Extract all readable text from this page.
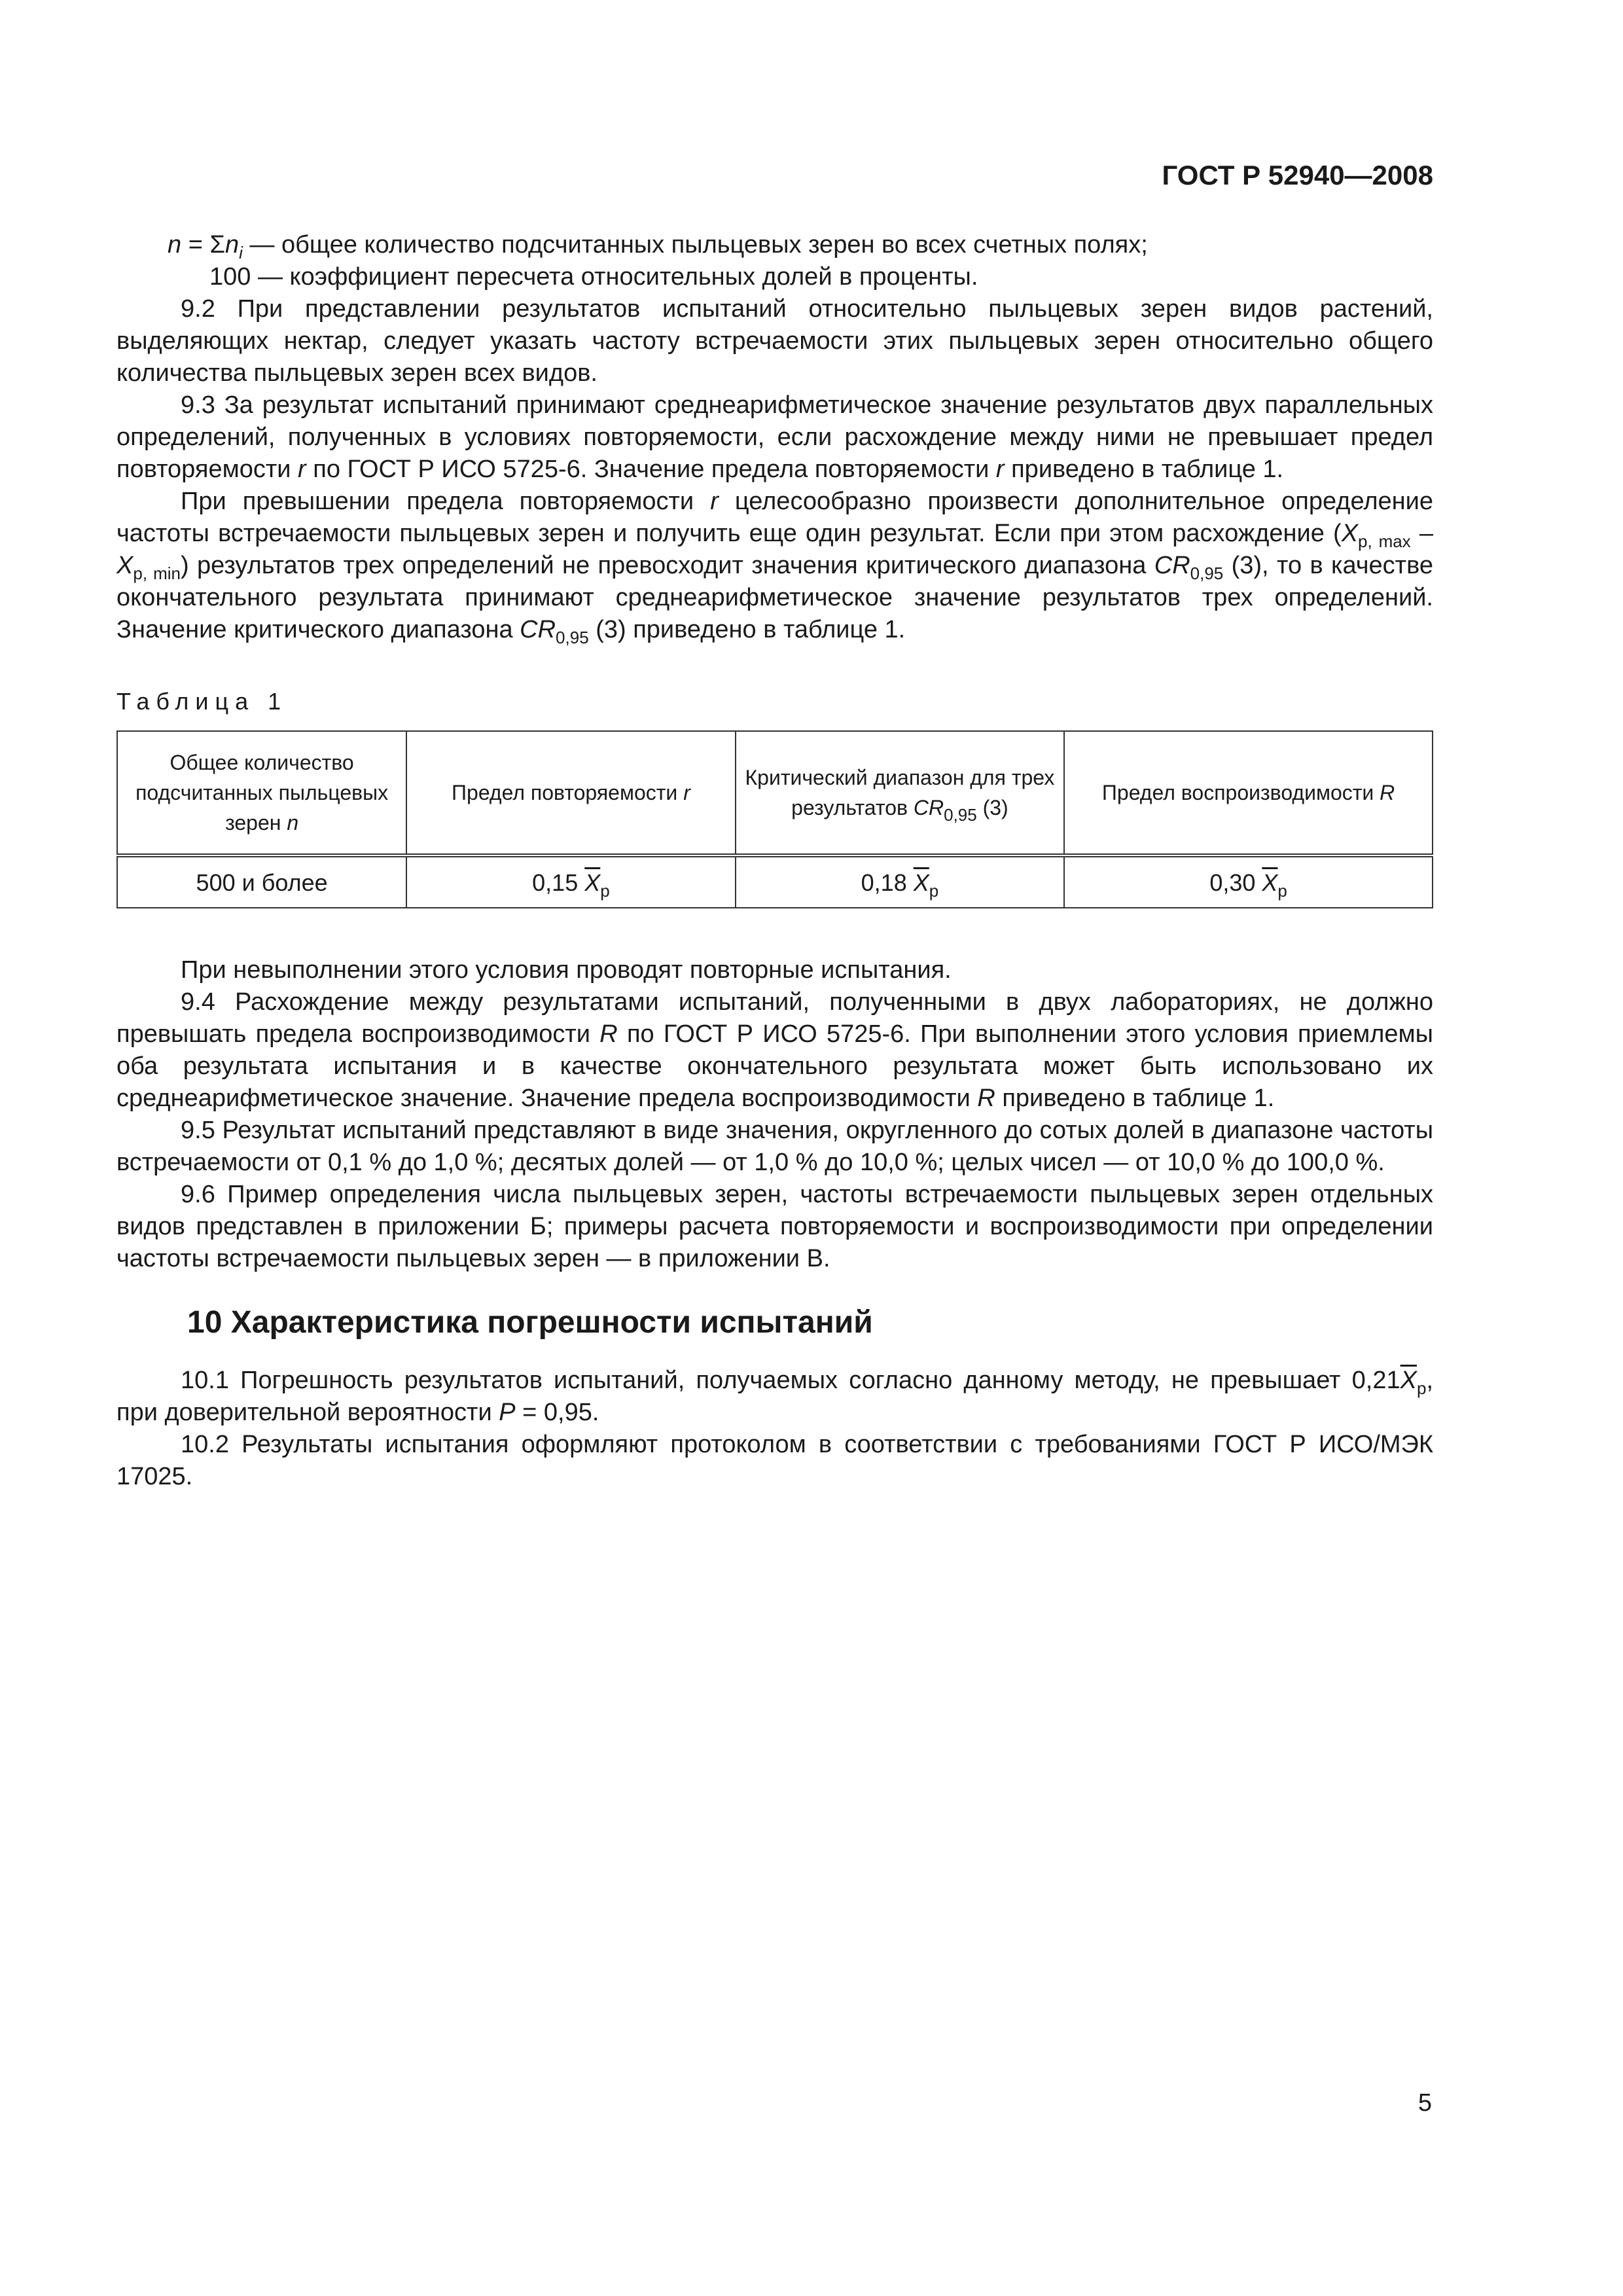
ГОСТ Р 52940—2008
$n = \Sigma n_i$ — общее количество подсчитанных пыльцевых зерен во всех счетных полях;
100 — коэффициент пересчета относительных долей в проценты.
9.2 При представлении результатов испытаний относительно пыльцевых зерен видов растений, выделяющих нектар, следует указать частоту встречаемости этих пыльцевых зерен относительно общего количества пыльцевых зерен всех видов.
9.3 За результат испытаний принимают среднеарифметическое значение результатов двух параллельных определений, полученных в условиях повторяемости, если расхождение между ними не превышает предел повторяемости r по ГОСТ Р ИСО 5725-6. Значение предела повторяемости r приведено в таблице 1.
При превышении предела повторяемости r целесообразно произвести дополнительное определение частоты встречаемости пыльцевых зерен и получить еще один результат. Если при этом расхождение $(X_{p, max} - X_{p, min})$ результатов трех определений не превосходит значения критического диапазона $CR_{0,95}$ (3), то в качестве окончательного результата принимают среднеарифметическое значение результатов трех определений. Значение критического диапазона $CR_{0,95}$ (3) приведено в таблице 1.
Таблица 1
Общее количество подсчитанных пыльцевых зерен n	Предел повторяемости r	Критический диапазон для трех результатов $CR_{0,95}$ (3)	Предел воспроизводимости R
500 и более	0,15 $\overline{X}_p$	0,18 $\overline{X}_p$	0,30 $\overline{X}_p$
При невыполнении этого условия проводят повторные испытания.
9.4 Расхождение между результатами испытаний, полученными в двух лабораториях, не должно превышать предела воспроизводимости R по ГОСТ Р ИСО 5725-6. При выполнении этого условия приемлемы оба результата испытания и в качестве окончательного результата может быть использовано их среднеарифметическое значение. Значение предела воспроизводимости R приведено в таблице 1.
9.5 Результат испытаний представляют в виде значения, округленного до сотых долей в диапазоне частоты встречаемости от 0,1 % до 1,0 %; десятых долей — от 1,0 % до 10,0 %; целых чисел — от 10,0 % до 100,0 %.
9.6 Пример определения числа пыльцевых зерен, частоты встречаемости пыльцевых зерен отдельных видов представлен в приложении Б; примеры расчета повторяемости и воспроизводимости при определении частоты встречаемости пыльцевых зерен — в приложении В.
10 Характеристика погрешности испытаний
10.1 Погрешность результатов испытаний, получаемых согласно данному методу, не превышает $0,21\overline{X}_p$, при доверительной вероятности P = 0,95.
10.2 Результаты испытания оформляют протоколом в соответствии с требованиями ГОСТ Р ИСО/МЭК 17025.
5
